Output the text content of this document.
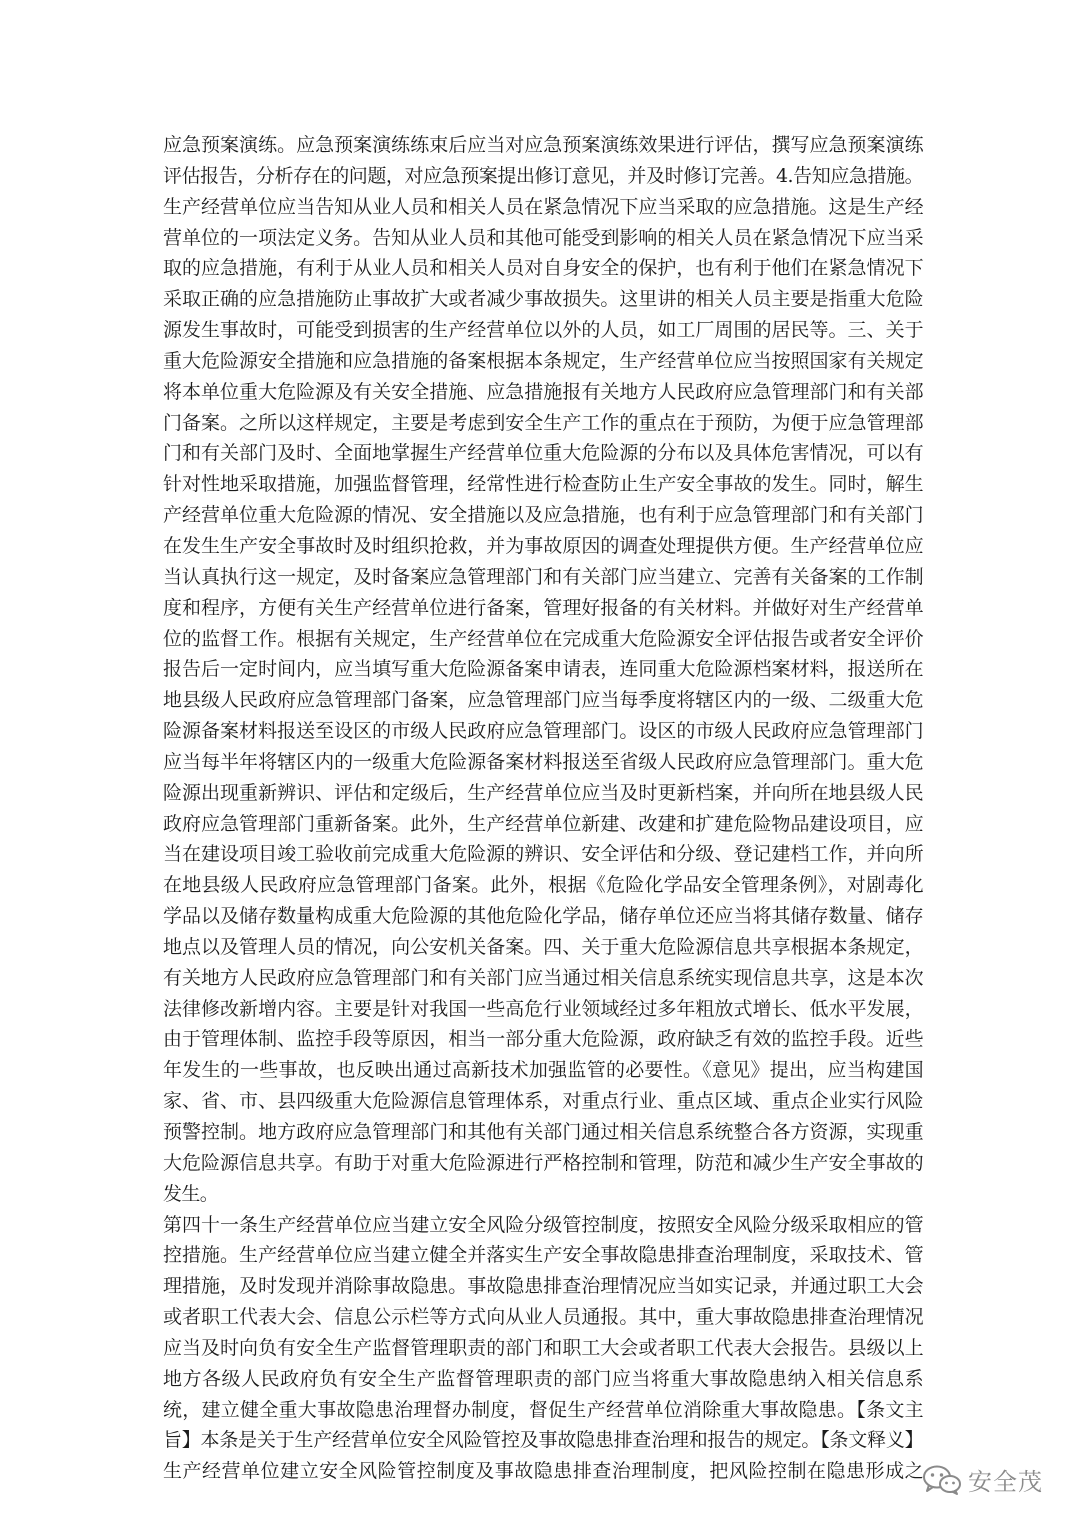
应急预案演练。应急预案演练练束后应当对应急预案演练效果进行评估，撰写应急预案演练
评估报告，分析存在的问题，对应急预案提出修订意见，并及时修订完善。4.告知应急措施。
生产经营单位应当告知从业人员和相关人员在紧急情况下应当采取的应急措施。这是生产经
营单位的一项法定义务。告知从业人员和其他可能受到影响的相关人员在紧急情况下应当采
取的应急措施，有利于从业人员和相关人员对自身安全的保护，也有利于他们在紧急情况下
采取正确的应急措施防止事故扩大或者减少事故损失。这里讲的相关人员主要是指重大危险
源发生事故时，可能受到损害的生产经营单位以外的人员，如工厂周围的居民等。三、关于
重大危险源安全措施和应急措施的备案根据本条规定，生产经营单位应当按照国家有关规定
将本单位重大危险源及有关安全措施、应急措施报有关地方人民政府应急管理部门和有关部
门备案。之所以这样规定，主要是考虑到安全生产工作的重点在于预防，为便于应急管理部
门和有关部门及时、全面地掌握生产经营单位重大危险源的分布以及具体危害情况，可以有
针对性地采取措施，加强监督管理，经常性进行检查防止生产安全事故的发生。同时，解生
产经营单位重大危险源的情况、安全措施以及应急措施，也有利于应急管理部门和有关部门
在发生生产安全事故时及时组织抢救，并为事故原因的调查处理提供方便。生产经营单位应
当认真执行这一规定，及时备案应急管理部门和有关部门应当建立、完善有关备案的工作制
度和程序，方便有关生产经营单位进行备案，管理好报备的有关材料。并做好对生产经营单
位的监督工作。根据有关规定，生产经营单位在完成重大危险源安全评估报告或者安全评价
报告后一定时间内，应当填写重大危险源备案申请表，连同重大危险源档案材料，报送所在
地县级人民政府应急管理部门备案，应急管理部门应当每季度将辖区内的一级、二级重大危
险源备案材料报送至设区的市级人民政府应急管理部门。设区的市级人民政府应急管理部门
应当每半年将辖区内的一级重大危险源备案材料报送至省级人民政府应急管理部门。重大危
险源出现重新辨识、评估和定级后，生产经营单位应当及时更新档案，并向所在地县级人民
政府应急管理部门重新备案。此外，生产经营单位新建、改建和扩建危险物品建设项目，应
当在建设项目竣工验收前完成重大危险源的辨识、安全评估和分级、登记建档工作，并向所
在地县级人民政府应急管理部门备案。此外，根据《危险化学品安全管理条例》，对剧毒化
学品以及储存数量构成重大危险源的其他危险化学品，储存单位还应当将其储存数量、储存
地点以及管理人员的情况，向公安机关备案。四、关于重大危险源信息共享根据本条规定，
有关地方人民政府应急管理部门和有关部门应当通过相关信息系统实现信息共享，这是本次
法律修改新增内容。主要是针对我国一些高危行业领域经过多年粗放式增长、低水平发展，
由于管理体制、监控手段等原因，相当一部分重大危险源，政府缺乏有效的监控手段。近些
年发生的一些事故，也反映出通过高新技术加强监管的必要性。《意见》提出，应当构建国
家、省、市、县四级重大危险源信息管理体系，对重点行业、重点区域、重点企业实行风险
预警控制。地方政府应急管理部门和其他有关部门通过相关信息系统整合各方资源，实现重
大危险源信息共享。有助于对重大危险源进行严格控制和管理，防范和减少生产安全事故的
发生。
第四十一条生产经营单位应当建立安全风险分级管控制度，按照安全风险分级采取相应的管
控措施。生产经营单位应当建立健全并落实生产安全事故隐患排查治理制度，采取技术、管
理措施，及时发现并消除事故隐患。事故隐患排查治理情况应当如实记录，并通过职工大会
或者职工代表大会、信息公示栏等方式向从业人员通报。其中，重大事故隐患排查治理情况
应当及时向负有安全生产监督管理职责的部门和职工大会或者职工代表大会报告。县级以上
地方各级人民政府负有安全生产监督管理职责的部门应当将重大事故隐患纳入相关信息系
统，建立健全重大事故隐患治理督办制度，督促生产经营单位消除重大事故隐患。【条文主
旨】本条是关于生产经营单位安全风险管控及事故隐患排查治理和报告的规定。【条文释义】
生产经营单位建立安全风险管控制度及事故隐患排查治理制度，把风险控制在隐患形成之 安全茂
